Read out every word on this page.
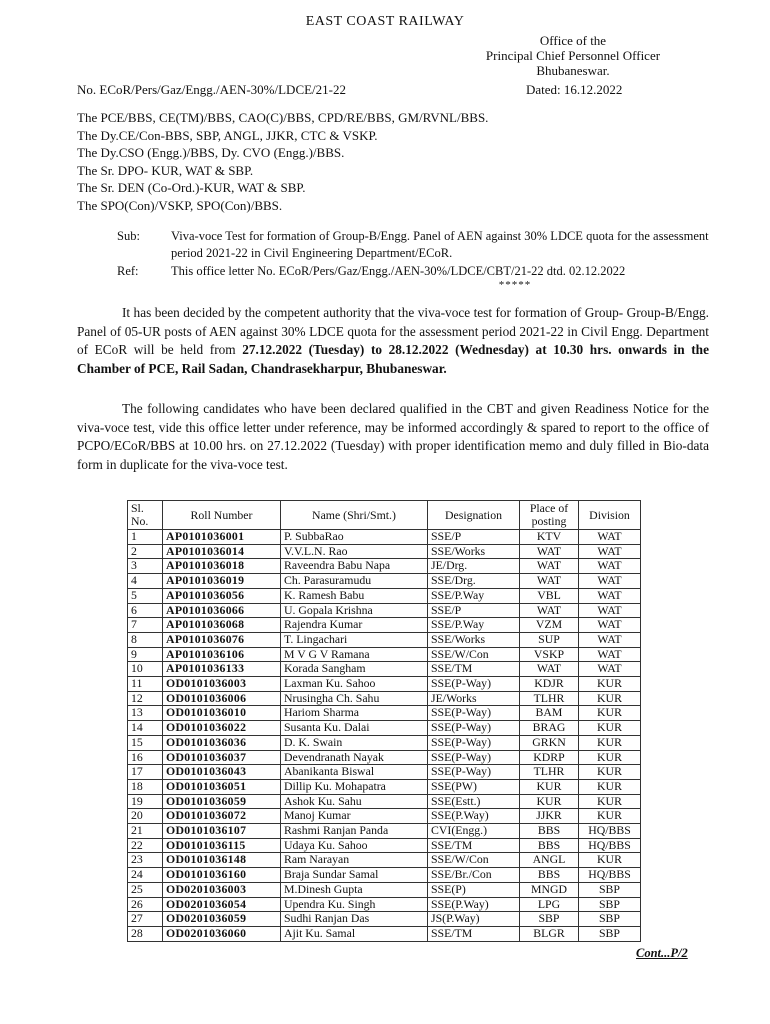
EAST COAST RAILWAY
Office of the
Principal Chief Personnel Officer
Bhubaneswar.
No. ECoR/Pers/Gaz/Engg./AEN-30%/LDCE/21-22	Dated: 16.12.2022
The PCE/BBS, CE(TM)/BBS, CAO(C)/BBS, CPD/RE/BBS, GM/RVNL/BBS.
The Dy.CE/Con-BBS, SBP, ANGL, JJKR, CTC & VSKP.
The Dy.CSO (Engg.)/BBS, Dy. CVO (Engg.)/BBS.
The Sr. DPO- KUR, WAT & SBP.
The Sr. DEN (Co-Ord.)-KUR, WAT & SBP.
The SPO(Con)/VSKP, SPO(Con)/BBS.
Sub: Viva-voce Test for formation of Group-B/Engg. Panel of AEN against 30% LDCE quota for the assessment period 2021-22 in Civil Engineering Department/ECoR.
Ref:	This office letter No. ECoR/Pers/Gaz/Engg./AEN-30%/LDCE/CBT/21-22 dtd. 02.12.2022
*****
It has been decided by the competent authority that the viva-voce test for formation of Group- Group-B/Engg. Panel of 05-UR posts of AEN against 30% LDCE quota for the assessment period 2021-22 in Civil Engg. Department of ECoR will be held from 27.12.2022 (Tuesday) to 28.12.2022 (Wednesday) at 10.30 hrs. onwards in the Chamber of PCE, Rail Sadan, Chandrasekharpur, Bhubaneswar.
The following candidates who have been declared qualified in the CBT and given Readiness Notice for the viva-voce test, vide this office letter under reference, may be informed accordingly & spared to report to the office of PCPO/ECoR/BBS at 10.00 hrs. on 27.12.2022 (Tuesday) with proper identification memo and duly filled in Bio-data form in duplicate for the viva-voce test.
Sl. No.	Roll Number	Name (Shri/Smt.)	Designation	Place of posting	Division
1	AP0101036001	P. SubbaRao	SSE/P	KTV	WAT
2	AP0101036014	V.V.L.N. Rao	SSE/Works	WAT	WAT
3	AP0101036018	Raveendra Babu Napa	JE/Drg.	WAT	WAT
4	AP0101036019	Ch. Parasuramudu	SSE/Drg.	WAT	WAT
5	AP0101036056	K. Ramesh Babu	SSE/P.Way	VBL	WAT
6	AP0101036066	U. Gopala Krishna	SSE/P	WAT	WAT
7	AP0101036068	Rajendra Kumar	SSE/P.Way	VZM	WAT
8	AP0101036076	T. Lingachari	SSE/Works	SUP	WAT
9	AP0101036106	M V G V Ramana	SSE/W/Con	VSKP	WAT
10	AP0101036133	Korada Sangham	SSE/TM	WAT	WAT
11	OD0101036003	Laxman Ku. Sahoo	SSE(P-Way)	KDJR	KUR
12	OD0101036006	Nrusingha Ch. Sahu	JE/Works	TLHR	KUR
13	OD0101036010	Hariom Sharma	SSE(P-Way)	BAM	KUR
14	OD0101036022	Susanta Ku. Dalai	SSE(P-Way)	BRAG	KUR
15	OD0101036036	D. K. Swain	SSE(P-Way)	GRKN	KUR
16	OD0101036037	Devendranath Nayak	SSE(P-Way)	KDRP	KUR
17	OD0101036043	Abanikanta Biswal	SSE(P-Way)	TLHR	KUR
18	OD0101036051	Dillip Ku. Mohapatra	SSE(PW)	KUR	KUR
19	OD0101036059	Ashok Ku. Sahu	SSE(Estt.)	KUR	KUR
20	OD0101036072	Manoj Kumar	SSE(P.Way)	JJKR	KUR
21	OD0101036107	Rashmi Ranjan Panda	CVI(Engg.)	BBS	HQ/BBS
22	OD0101036115	Udaya Ku. Sahoo	SSE/TM	BBS	HQ/BBS
23	OD0101036148	Ram Narayan	SSE/W/Con	ANGL	KUR
24	OD0101036160	Braja Sundar Samal	SSE/Br./Con	BBS	HQ/BBS
25	OD0201036003	M.Dinesh Gupta	SSE(P)	MNGD	SBP
26	OD0201036054	Upendra Ku. Singh	SSE(P.Way)	LPG	SBP
27	OD0201036059	Sudhi Ranjan Das	JS(P.Way)	SBP	SBP
28	OD0201036060	Ajit Ku. Samal	SSE/TM	BLGR	SBP
Cont...P/2
